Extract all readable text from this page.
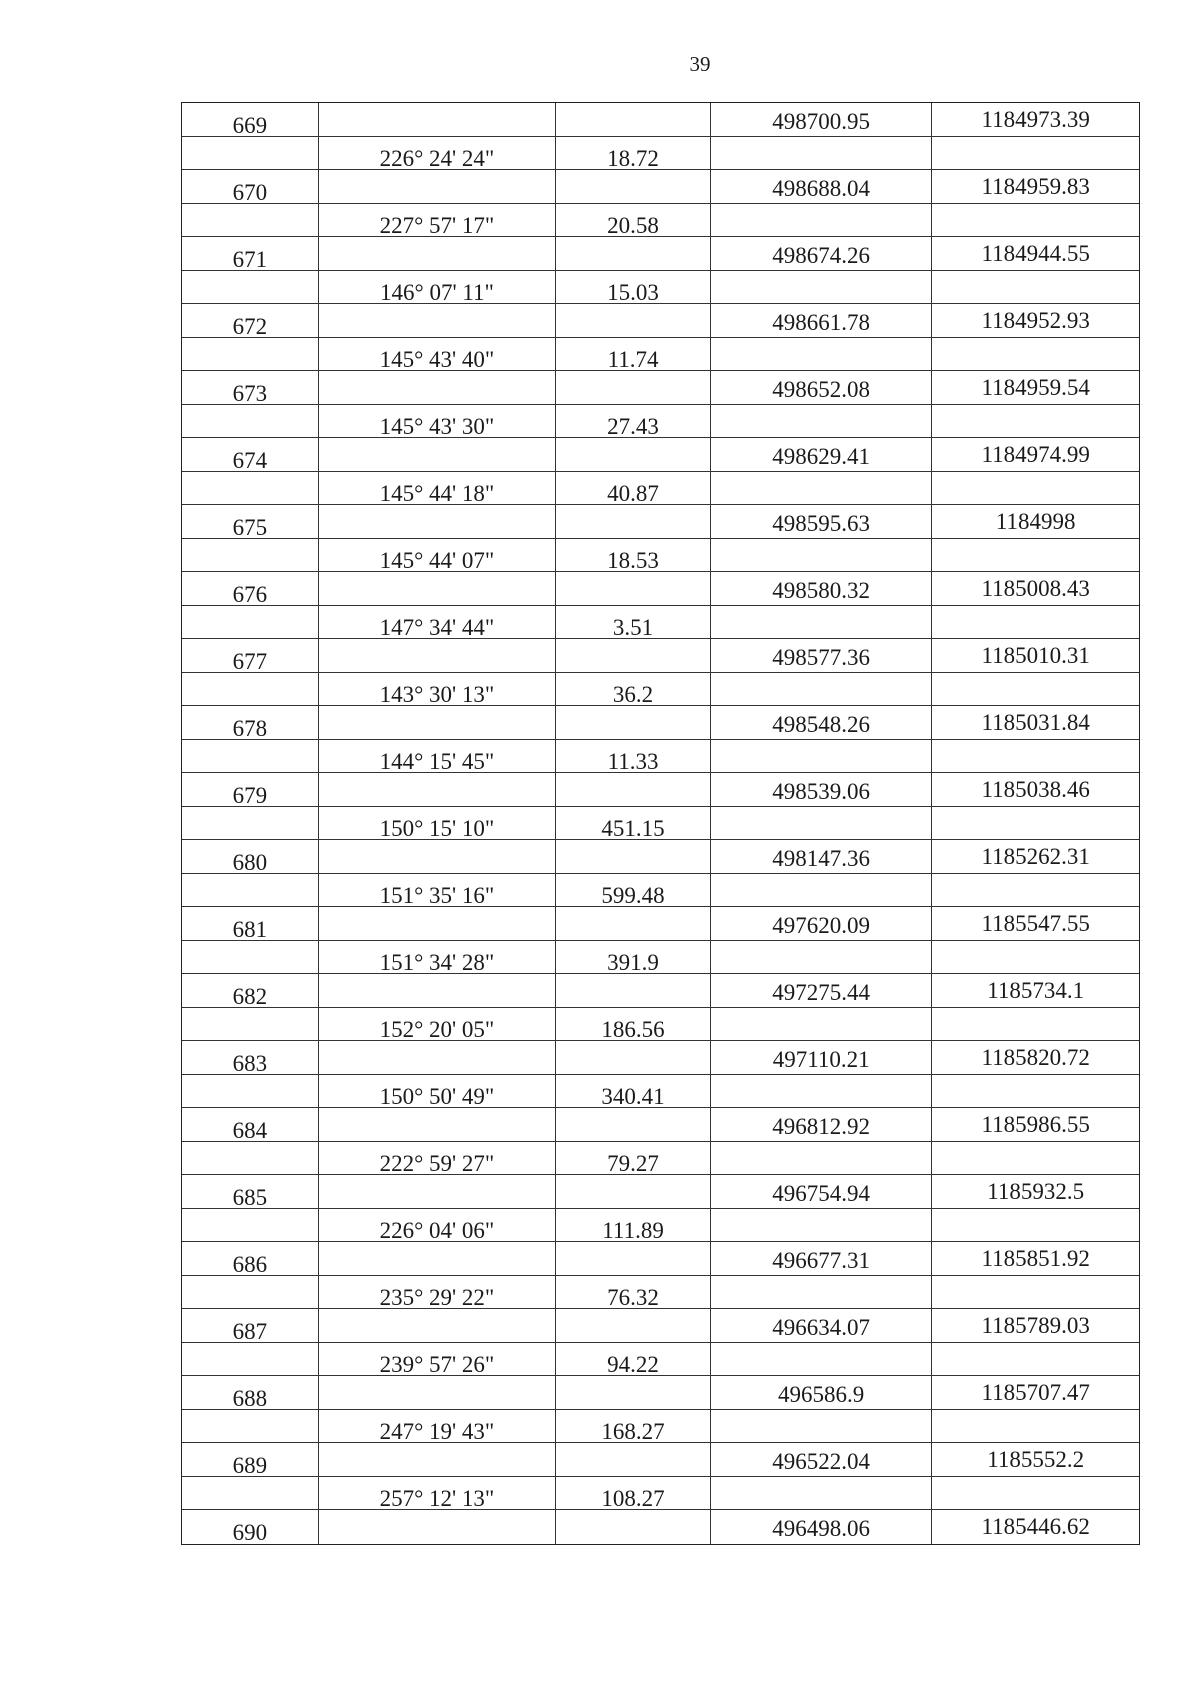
39
669	498700.95	1184973.39
226° 24' 24"	18.72
670	498688.04	1184959.83
227° 57' 17"	20.58
671	498674.26	1184944.55
146° 07' 11"	15.03
672	498661.78	1184952.93
145° 43' 40"	11.74
673	498652.08	1184959.54
145° 43' 30"	27.43
674	498629.41	1184974.99
145° 44' 18"	40.87
675	498595.63	1184998
145° 44' 07"	18.53
676	498580.32	1185008.43
147° 34' 44"	3.51
677	498577.36	1185010.31
143° 30' 13"	36.2
678	498548.26	1185031.84
144° 15' 45"	11.33
679	498539.06	1185038.46
150° 15' 10"	451.15
680	498147.36	1185262.31
151° 35' 16"	599.48
681	497620.09	1185547.55
151° 34' 28"	391.9
682	497275.44	1185734.1
152° 20' 05"	186.56
683	497110.21	1185820.72
150° 50' 49"	340.41
684	496812.92	1185986.55
222° 59' 27"	79.27
685	496754.94	1185932.5
226° 04' 06"	111.89
686	496677.31	1185851.92
235° 29' 22"	76.32
687	496634.07	1185789.03
239° 57' 26"	94.22
688	496586.9	1185707.47
247° 19' 43"	168.27
689	496522.04	1185552.2
257° 12' 13"	108.27
690	496498.06	1185446.62
